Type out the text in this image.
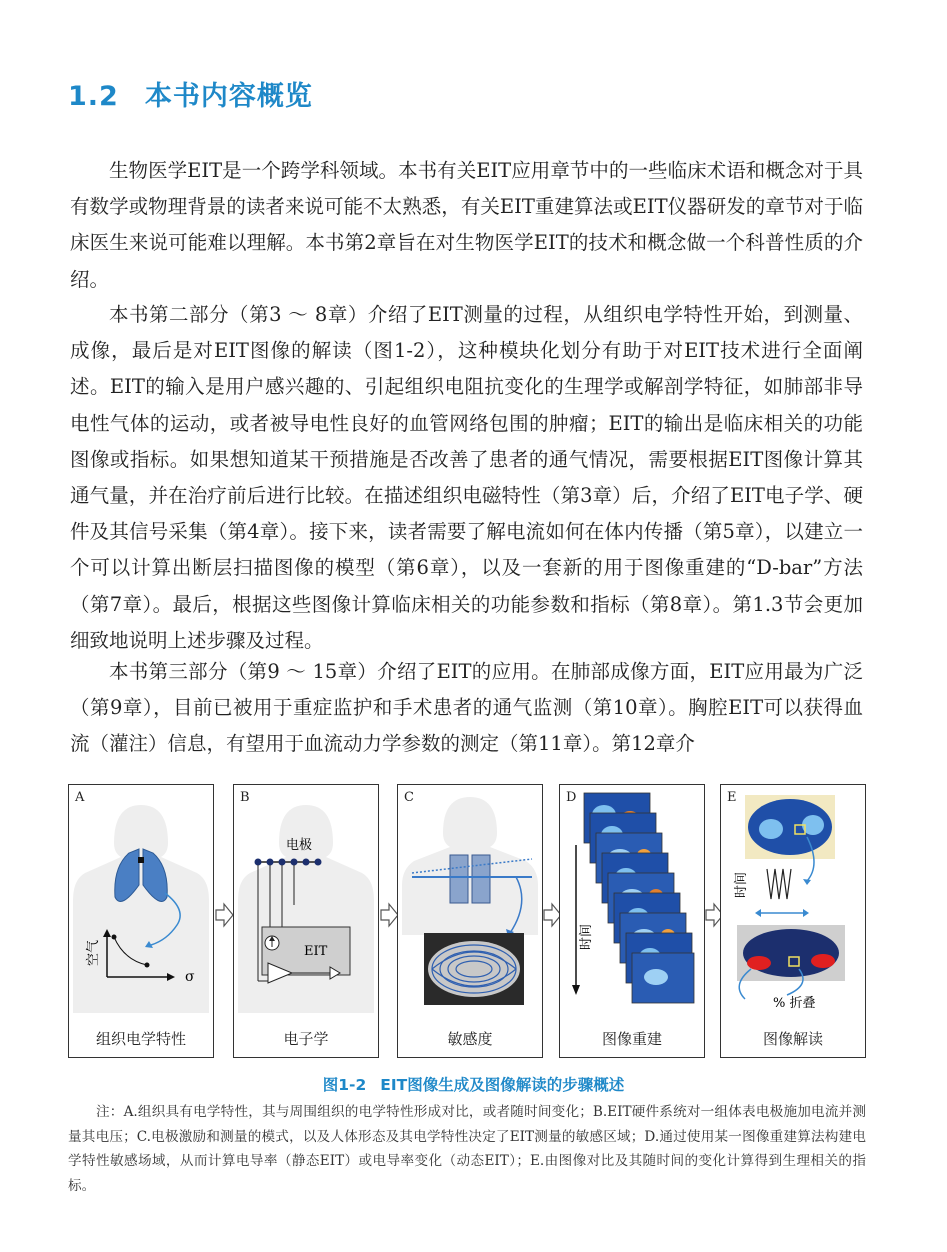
1.2 本书内容概览

生物医学EIT是一个跨学科领域。本书有关EIT应用章节中的一些临床术语和概念对于具有数学或物理背景的读者来说可能不太熟悉，有关EIT重建算法或EIT仪器研发的章节对于临床医生来说可能难以理解。本书第2章旨在对生物医学EIT的技术和概念做一个科普性质的介绍。

本书第二部分（第3 ～ 8章）介绍了EIT测量的过程，从组织电学特性开始，到测量、成像，最后是对EIT图像的解读（图1-2），这种模块化划分有助于对EIT技术进行全面阐述。EIT的输入是用户感兴趣的、引起组织电阻抗变化的生理学或解剖学特征，如肺部非导电性气体的运动，或者被导电性良好的血管网络包围的肿瘤；EIT的输出是临床相关的功能图像或指标。如果想知道某干预措施是否改善了患者的通气情况，需要根据EIT图像计算其通气量，并在治疗前后进行比较。在描述组织电磁特性（第3章）后，介绍了EIT电子学、硬件及其信号采集（第4章）。接下来，读者需要了解电流如何在体内传播（第5章），以建立一个可以计算出断层扫描图像的模型（第6章），以及一套新的用于图像重建的“D-bar”方法（第7章）。最后，根据这些图像计算临床相关的功能参数和指标（第8章）。第1.3节会更加细致地说明上述步骤及过程。

本书第三部分（第9 ～ 15章）介绍了EIT的应用。在肺部成像方面，EIT应用最为广泛（第9章），目前已被用于重症监护和手术患者的通气监测（第10章）。胸腔EIT可以获得血流（灌注）信息，有望用于血流动力学参数的测定（第11章）。第12章介

A
空气
σ
组织电学特性
B
电极
EIT
电子学
C
敏感度
D
时间
图像重建
E
时间
% 折叠
图像解读
图1-2 EIT图像生成及图像解读的步骤概述

注：A.组织具有电学特性，其与周围组织的电学特性形成对比，或者随时间变化；B.EIT硬件系统对一组体表电极施加电流并测量其电压；C.电极激励和测量的模式，以及人体形态及其电学特性决定了EIT测量的敏感区域；D.通过使用某一图像重建算法构建电学特性敏感场域，从而计算电导率（静态EIT）或电导率变化（动态EIT）；E.由图像对比及其随时间的变化计算得到生理相关的指标。
